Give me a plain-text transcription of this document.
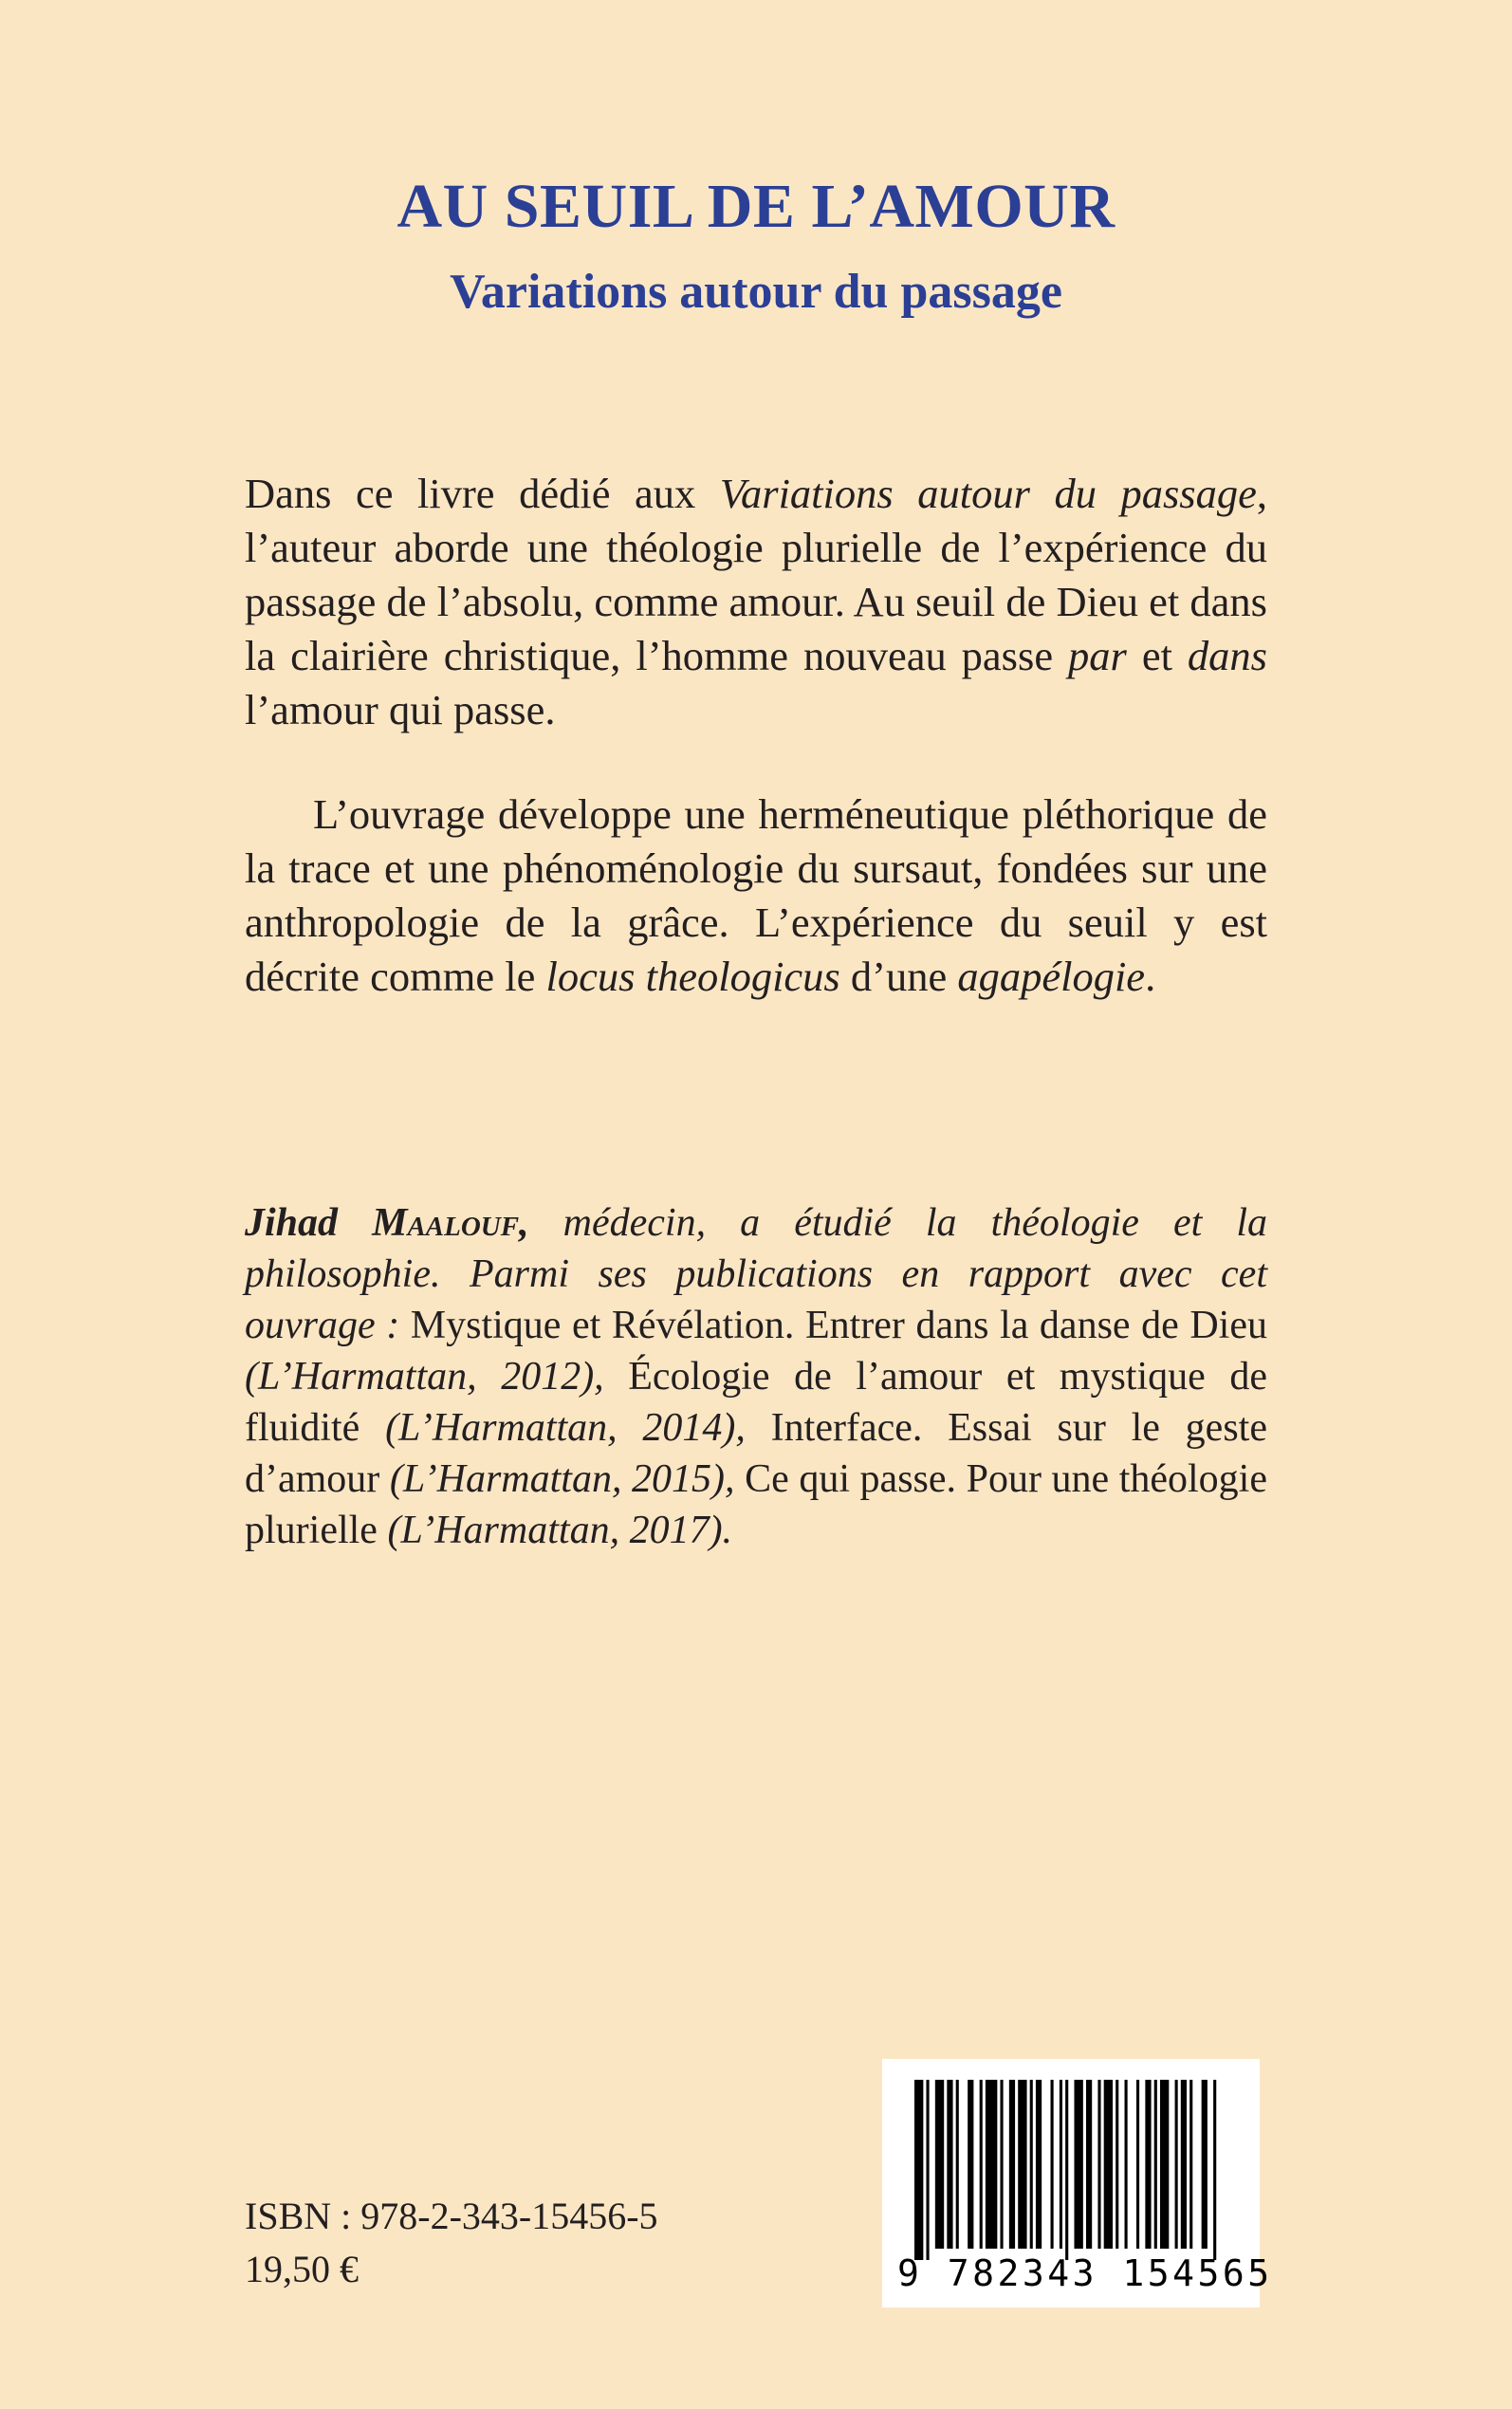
AU SEUIL DE L’AMOUR
Variations autour du passage
Dans ce livre dédié aux Variations autour du passage, l’auteur aborde une théologie plurielle de l’expérience du passage de l’absolu, comme amour. Au seuil de Dieu et dans la clairière christique, l’homme nouveau passe par et dans l’amour qui passe.
L’ouvrage développe une herméneutique pléthorique de la trace et une phénoménologie du sursaut, fondées sur une anthropologie de la grâce. L’expérience du seuil y est décrite comme le locus theologicus d’une agapélogie.
Jihad Maalouf, médecin, a étudié la théologie et la philosophie. Parmi ses publications en rapport avec cet ouvrage : Mystique et Révélation. Entrer dans la danse de Dieu (L’Harmattan, 2012), Écologie de l’amour et mystique de fluidité (L’Harmattan, 2014), Interface. Essai sur le geste d’amour (L’Harmattan, 2015), Ce qui passe. Pour une théologie plurielle (L’Harmattan, 2017).
ISBN : 978-2-343-15456-5
19,50 €	9 782343 154565
